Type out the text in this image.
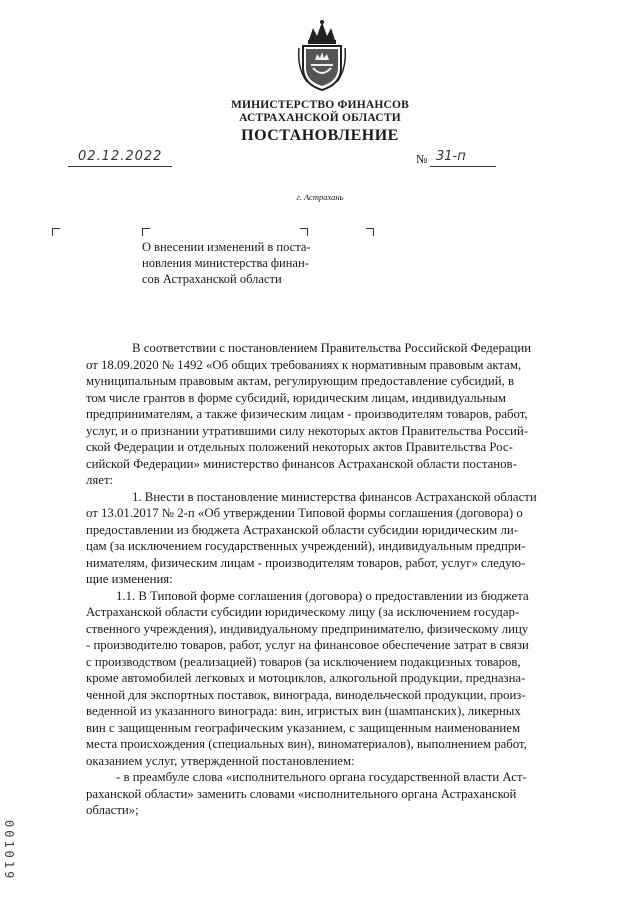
МИНИСТЕРСТВО ФИНАНСОВ
АСТРАХАНСКОЙ ОБЛАСТИ
ПОСТАНОВЛЕНИЕ
02.12.2022	№ 31-п
г. Астрахань
О внесении изменений в поста-
новления министерства финан-
сов Астраханской области
В соответствии с постановлением Правительства Российской Федерации
от 18.09.2020 № 1492 «Об общих требованиях к нормативным правовым актам,
муниципальным правовым актам, регулирующим предоставление субсидий, в
том числе грантов в форме субсидий, юридическим лицам, индивидуальным
предпринимателям, а также физическим лицам - производителям товаров, работ,
услуг, и о признании утратившими силу некоторых актов Правительства Россий-
ской Федерации и отдельных положений некоторых актов Правительства Рос-
сийской Федерации» министерство финансов Астраханской области постанов-
ляет:
1. Внести в постановление министерства финансов Астраханской области
от 13.01.2017 № 2-п «Об утверждении Типовой формы соглашения (договора) о
предоставлении из бюджета Астраханской области субсидии юридическим ли-
цам (за исключением государственных учреждений), индивидуальным предпри-
нимателям, физическим лицам - производителям товаров, работ, услуг» следую-
щие изменения:
1.1. В Типовой форме соглашения (договора) о предоставлении из бюджета
Астраханской области субсидии юридическому лицу (за исключением государ-
ственного учреждения), индивидуальному предпринимателю, физическому лицу
- производителю товаров, работ, услуг на финансовое обеспечение затрат в связи
с производством (реализацией) товаров (за исключением подакцизных товаров,
кроме автомобилей легковых и мотоциклов, алкогольной продукции, предназна-
ченной для экспортных поставок, винограда, винодельческой продукции, произ-
веденной из указанного винограда: вин, игристых вин (шампанских), ликерных
вин с защищенным географическим указанием, с защищенным наименованием
места происхождения (специальных вин), виноматериалов), выполнением работ,
оказанием услуг, утвержденной постановлением:
- в преамбуле слова «исполнительного органа государственной власти Аст-
раханской области» заменить словами «исполнительного органа Астраханской
области»;
001019
